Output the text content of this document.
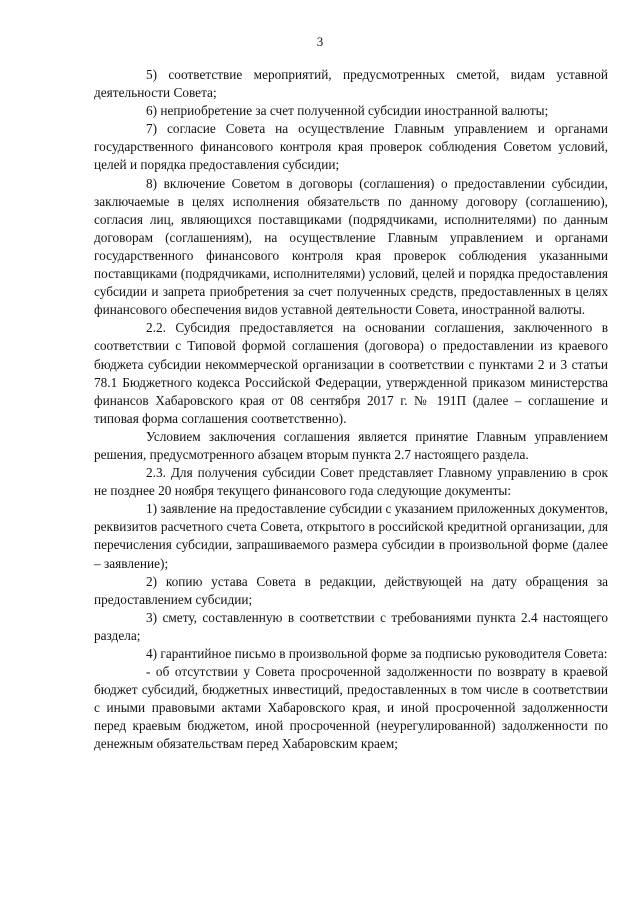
3

5) соответствие мероприятий, предусмотренных сметой, видам уставной деятельности Совета;

6) неприобретение за счет полученной субсидии иностранной валюты;

7) согласие Совета на осуществление Главным управлением и органами государственного финансового контроля края проверок соблюдения Советом условий, целей и порядка предоставления субсидии;

8) включение Советом в договоры (соглашения) о предоставлении субсидии, заключаемые в целях исполнения обязательств по данному договору (соглашению), согласия лиц, являющихся поставщиками (подрядчиками, исполнителями) по данным договорам (соглашениям), на осуществление Главным управлением и органами государственного финансового контроля края проверок соблюдения указанными поставщиками (подрядчиками, исполнителями) условий, целей и порядка предоставления субсидии и запрета приобретения за счет полученных средств, предоставленных в целях финансового обеспечения видов уставной деятельности Совета, иностранной валюты.

2.2. Субсидия предоставляется на основании соглашения, заключенного в соответствии с Типовой формой соглашения (договора) о предоставлении из краевого бюджета субсидии некоммерческой организации в соответствии с пунктами 2 и 3 статьи 78.1 Бюджетного кодекса Российской Федерации, утвержденной приказом министерства финансов Хабаровского края от 08 сентября 2017 г. № 191П (далее – соглашение и типовая форма соглашения соответственно).

Условием заключения соглашения является принятие Главным управлением решения, предусмотренного абзацем вторым пункта 2.7 настоящего раздела.

2.3. Для получения субсидии Совет представляет Главному управлению в срок не позднее 20 ноября текущего финансового года следующие документы:

1) заявление на предоставление субсидии с указанием приложенных документов, реквизитов расчетного счета Совета, открытого в российской кредитной организации, для перечисления субсидии, запрашиваемого размера субсидии в произвольной форме (далее – заявление);

2) копию устава Совета в редакции, действующей на дату обращения за предоставлением субсидии;

3) смету, составленную в соответствии с требованиями пункта 2.4 настоящего раздела;

4) гарантийное письмо в произвольной форме за подписью руководителя Совета:

- об отсутствии у Совета просроченной задолженности по возврату в краевой бюджет субсидий, бюджетных инвестиций, предоставленных в том числе в соответствии с иными правовыми актами Хабаровского края, и иной просроченной задолженности перед краевым бюджетом, иной просроченной (неурегулированной) задолженности по денежным обязательствам перед Хабаровским краем;
